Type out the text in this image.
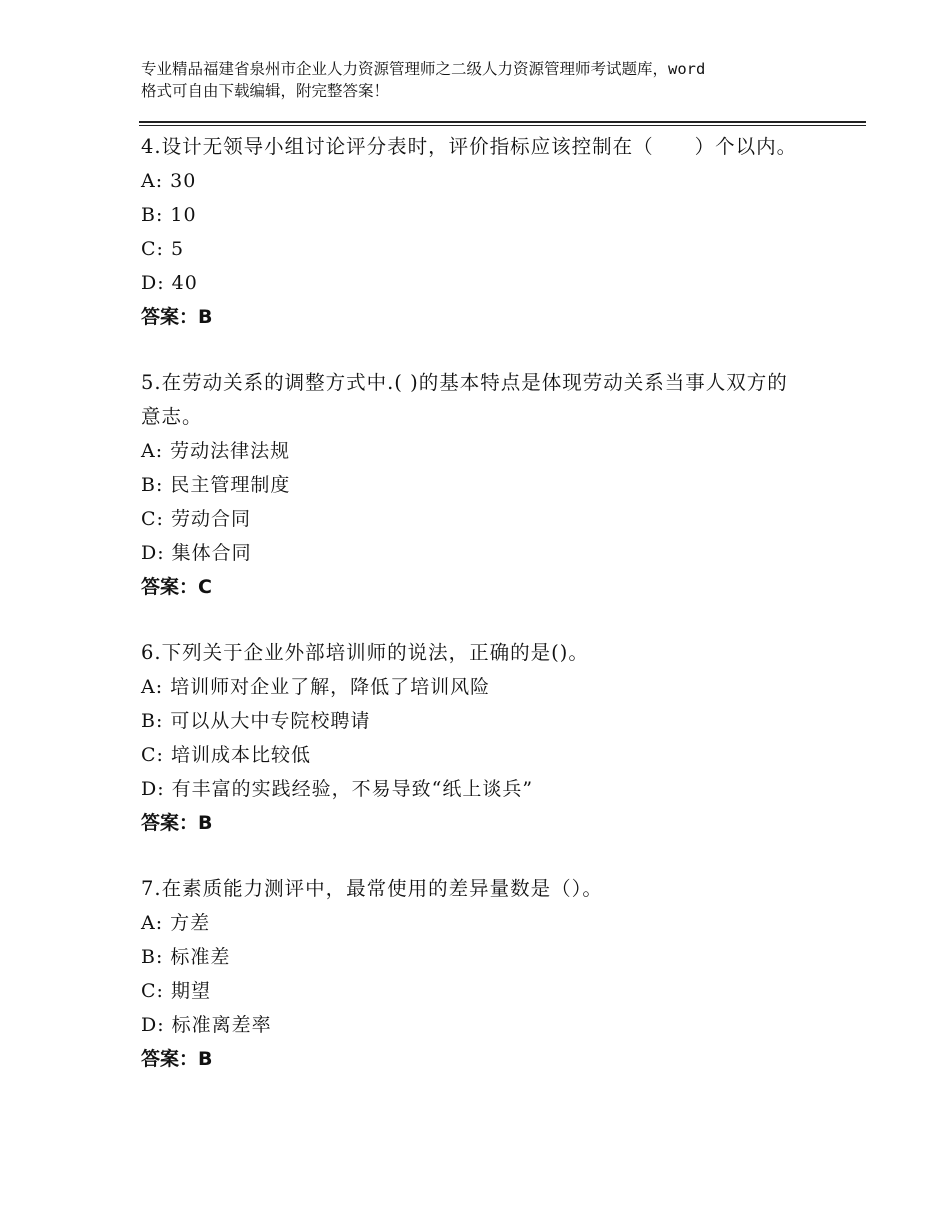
专业精品福建省泉州市企业人力资源管理师之二级人力资源管理师考试题库，word
格式可自由下载编辑，附完整答案！

4.设计无领导小组讨论评分表时，评价指标应该控制在（　　）个以内。

A: 30

B: 10

C: 5

D: 40

答案：B

5.在劳动关系的调整方式中.( )的基本特点是体现劳动关系当事人双方的意志。

A: 劳动法律法规

B: 民主管理制度

C: 劳动合同

D: 集体合同

答案：C

6.下列关于企业外部培训师的说法，正确的是()。

A: 培训师对企业了解，降低了培训风险

B: 可以从大中专院校聘请

C: 培训成本比较低

D: 有丰富的实践经验，不易导致“纸上谈兵”

答案：B

7.在素质能力测评中，最常使用的差异量数是（）。

A: 方差

B: 标准差

C: 期望

D: 标准离差率

答案：B
